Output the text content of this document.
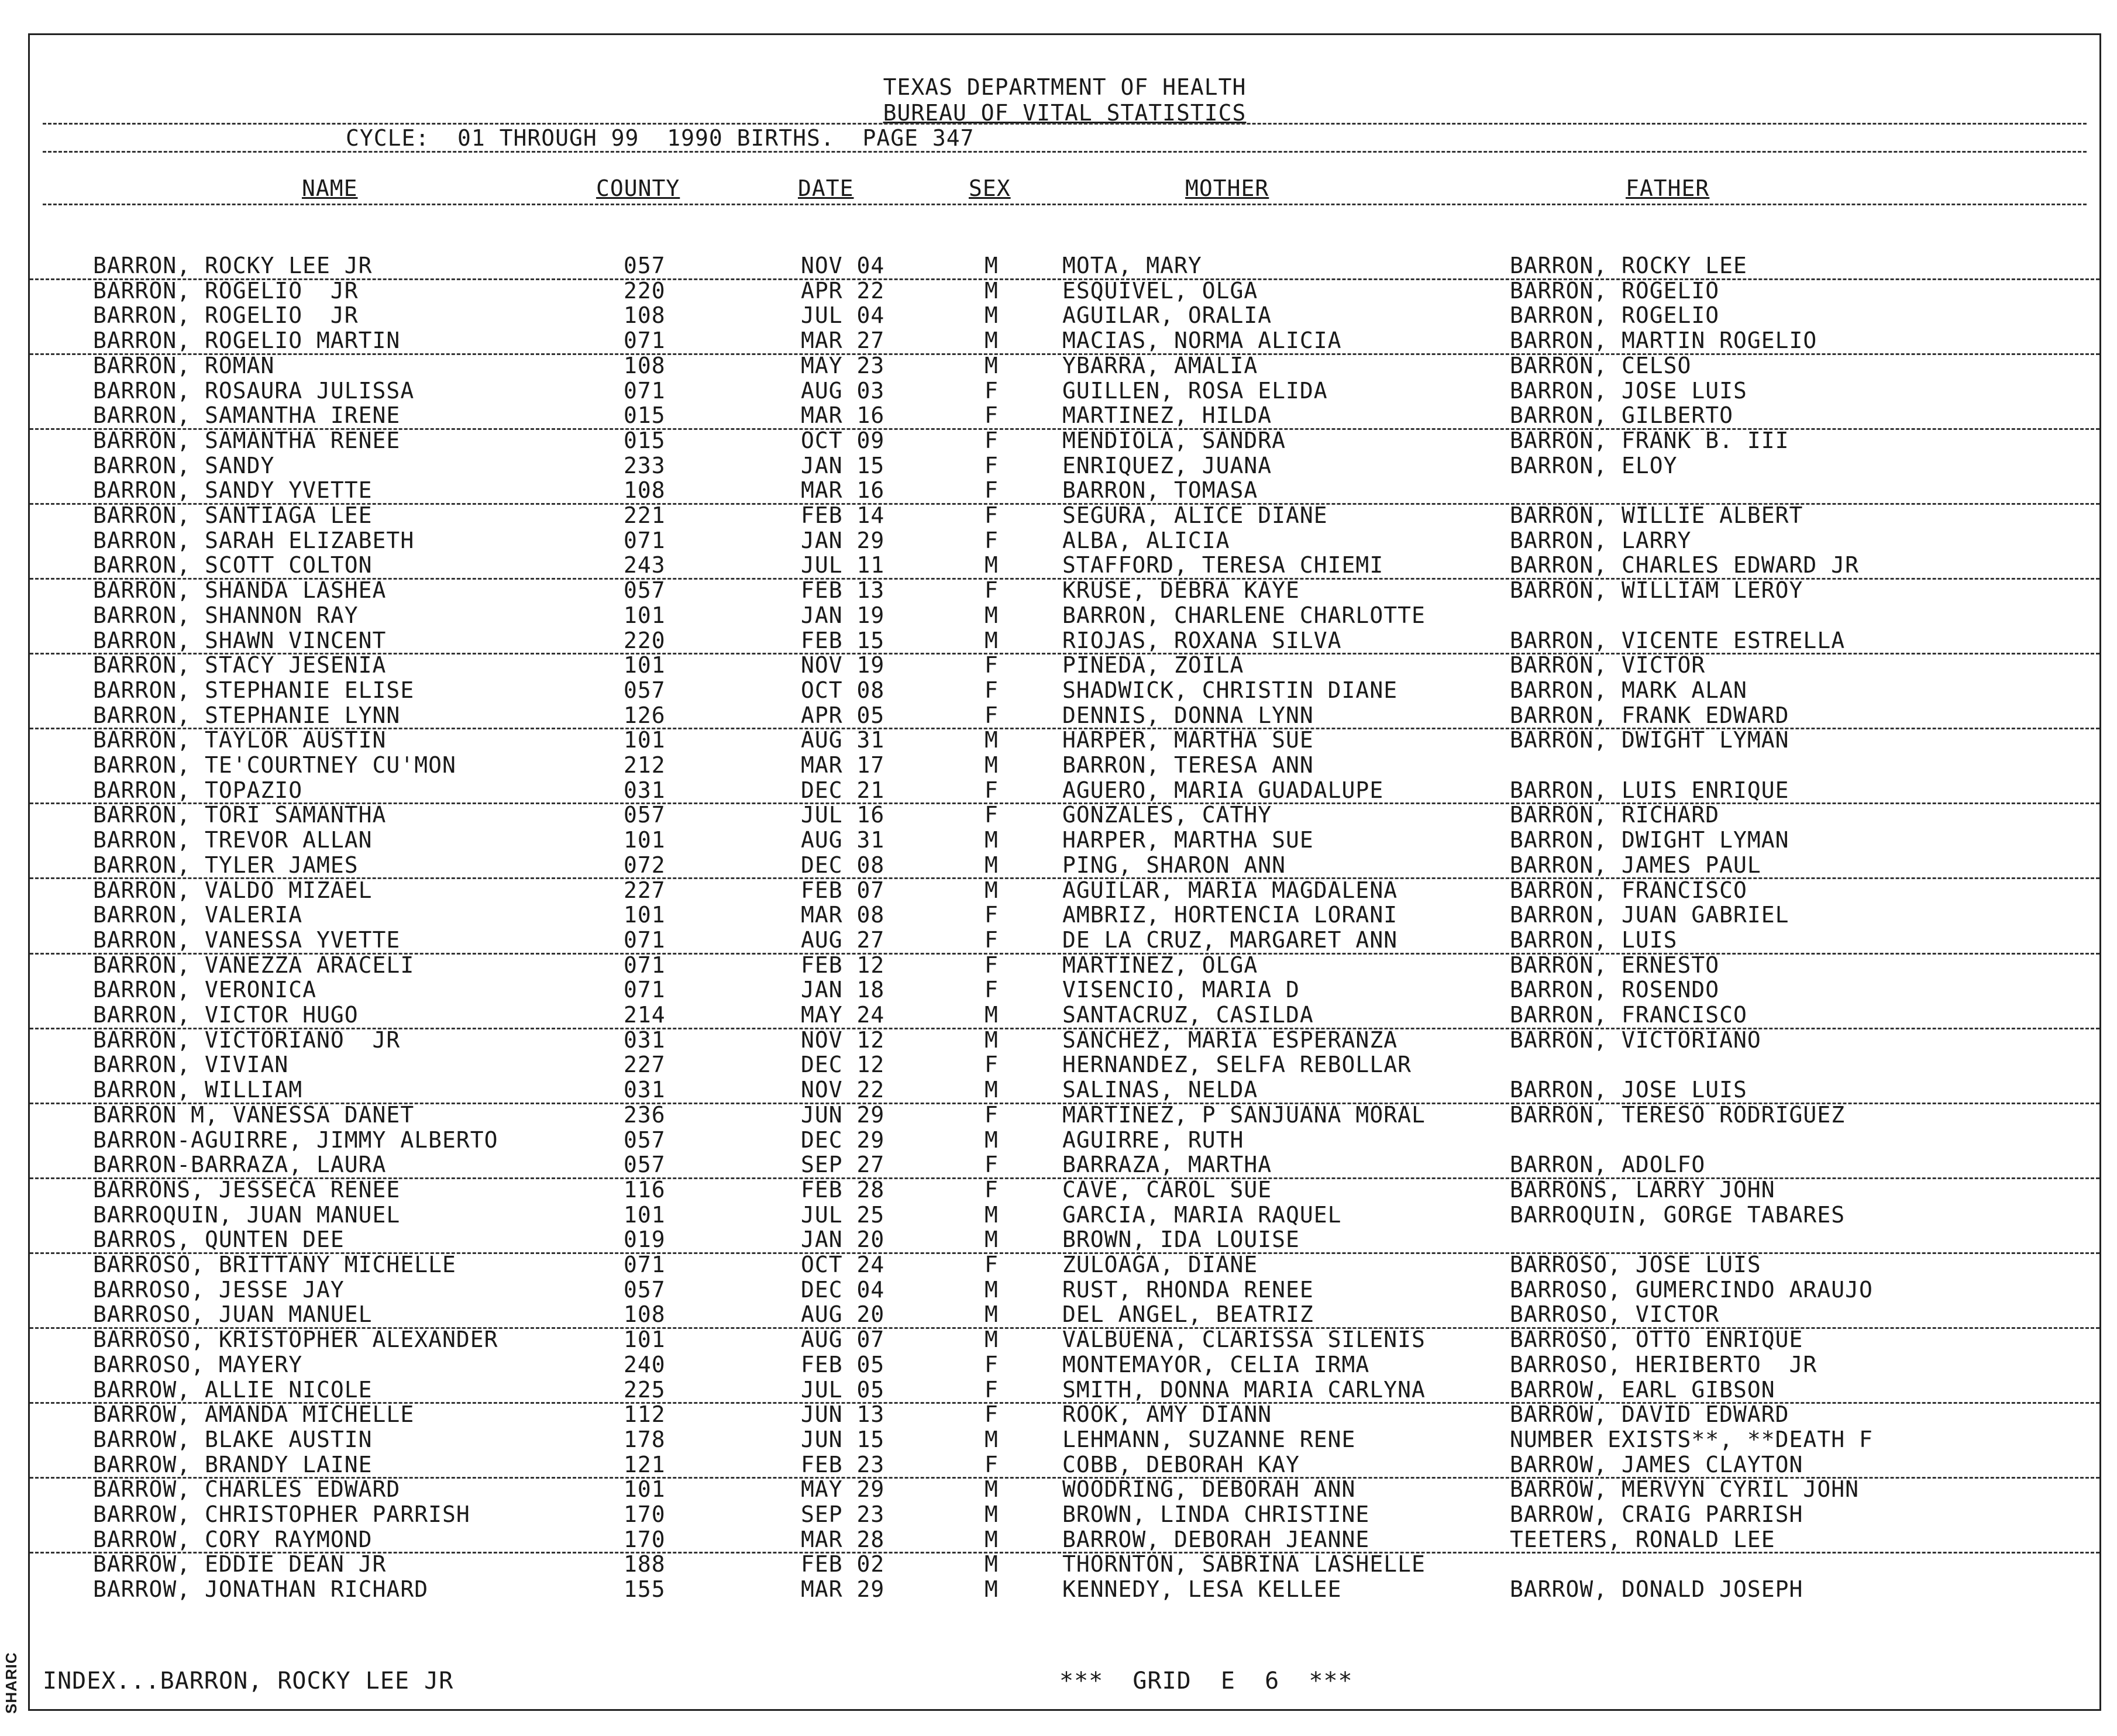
TEXAS DEPARTMENT OF HEALTH
BUREAU OF VITAL STATISTICS
CYCLE:  01 THROUGH 99  1990 BIRTHS.  PAGE 347
NAME	COUNTY	DATE	SEX	MOTHER	FATHER
BARRON, ROCKY LEE JR	057	NOV 04	M	MOTA, MARY	BARRON, ROCKY LEE
BARRON, ROGELIO  JR	220	APR 22	M	ESQUIVEL, OLGA	BARRON, ROGELIO
BARRON, ROGELIO  JR	108	JUL 04	M	AGUILAR, ORALIA	BARRON, ROGELIO
BARRON, ROGELIO MARTIN	071	MAR 27	M	MACIAS, NORMA ALICIA	BARRON, MARTIN ROGELIO
BARRON, ROMAN	108	MAY 23	M	YBARRA, AMALIA	BARRON, CELSO
BARRON, ROSAURA JULISSA	071	AUG 03	F	GUILLEN, ROSA ELIDA	BARRON, JOSE LUIS
BARRON, SAMANTHA IRENE	015	MAR 16	F	MARTINEZ, HILDA	BARRON, GILBERTO
BARRON, SAMANTHA RENEE	015	OCT 09	F	MENDIOLA, SANDRA	BARRON, FRANK B. III
BARRON, SANDY	233	JAN 15	F	ENRIQUEZ, JUANA	BARRON, ELOY
BARRON, SANDY YVETTE	108	MAR 16	F	BARRON, TOMASA
BARRON, SANTIAGA LEE	221	FEB 14	F	SEGURA, ALICE DIANE	BARRON, WILLIE ALBERT
BARRON, SARAH ELIZABETH	071	JAN 29	F	ALBA, ALICIA	BARRON, LARRY
BARRON, SCOTT COLTON	243	JUL 11	M	STAFFORD, TERESA CHIEMI	BARRON, CHARLES EDWARD JR
BARRON, SHANDA LASHEA	057	FEB 13	F	KRUSE, DEBRA KAYE	BARRON, WILLIAM LEROY
BARRON, SHANNON RAY	101	JAN 19	M	BARRON, CHARLENE CHARLOTTE
BARRON, SHAWN VINCENT	220	FEB 15	M	RIOJAS, ROXANA SILVA	BARRON, VICENTE ESTRELLA
BARRON, STACY JESENIA	101	NOV 19	F	PINEDA, ZOILA	BARRON, VICTOR
BARRON, STEPHANIE ELISE	057	OCT 08	F	SHADWICK, CHRISTIN DIANE	BARRON, MARK ALAN
BARRON, STEPHANIE LYNN	126	APR 05	F	DENNIS, DONNA LYNN	BARRON, FRANK EDWARD
BARRON, TAYLOR AUSTIN	101	AUG 31	M	HARPER, MARTHA SUE	BARRON, DWIGHT LYMAN
BARRON, TE'COURTNEY CU'MON	212	MAR 17	M	BARRON, TERESA ANN
BARRON, TOPAZIO	031	DEC 21	F	AGUERO, MARIA GUADALUPE	BARRON, LUIS ENRIQUE
BARRON, TORI SAMANTHA	057	JUL 16	F	GONZALES, CATHY	BARRON, RICHARD
BARRON, TREVOR ALLAN	101	AUG 31	M	HARPER, MARTHA SUE	BARRON, DWIGHT LYMAN
BARRON, TYLER JAMES	072	DEC 08	M	PING, SHARON ANN	BARRON, JAMES PAUL
BARRON, VALDO MIZAEL	227	FEB 07	M	AGUILAR, MARIA MAGDALENA	BARRON, FRANCISCO
BARRON, VALERIA	101	MAR 08	F	AMBRIZ, HORTENCIA LORANI	BARRON, JUAN GABRIEL
BARRON, VANESSA YVETTE	071	AUG 27	F	DE LA CRUZ, MARGARET ANN	BARRON, LUIS
BARRON, VANEZZA ARACELI	071	FEB 12	F	MARTINEZ, OLGA	BARRON, ERNESTO
BARRON, VERONICA	071	JAN 18	F	VISENCIO, MARIA D	BARRON, ROSENDO
BARRON, VICTOR HUGO	214	MAY 24	M	SANTACRUZ, CASILDA	BARRON, FRANCISCO
BARRON, VICTORIANO  JR	031	NOV 12	M	SANCHEZ, MARIA ESPERANZA	BARRON, VICTORIANO
BARRON, VIVIAN	227	DEC 12	F	HERNANDEZ, SELFA REBOLLAR
BARRON, WILLIAM	031	NOV 22	M	SALINAS, NELDA	BARRON, JOSE LUIS
BARRON M, VANESSA DANET	236	JUN 29	F	MARTINEZ, P SANJUANA MORAL	BARRON, TERESO RODRIGUEZ
BARRON-AGUIRRE, JIMMY ALBERTO	057	DEC 29	M	AGUIRRE, RUTH
BARRON-BARRAZA, LAURA	057	SEP 27	F	BARRAZA, MARTHA	BARRON, ADOLFO
BARRONS, JESSECA RENEE	116	FEB 28	F	CAVE, CAROL SUE	BARRONS, LARRY JOHN
BARROQUIN, JUAN MANUEL	101	JUL 25	M	GARCIA, MARIA RAQUEL	BARROQUIN, GORGE TABARES
BARROS, QUNTEN DEE	019	JAN 20	M	BROWN, IDA LOUISE
BARROSO, BRITTANY MICHELLE	071	OCT 24	F	ZULOAGA, DIANE	BARROSO, JOSE LUIS
BARROSO, JESSE JAY	057	DEC 04	M	RUST, RHONDA RENEE	BARROSO, GUMERCINDO ARAUJO
BARROSO, JUAN MANUEL	108	AUG 20	M	DEL ANGEL, BEATRIZ	BARROSO, VICTOR
BARROSO, KRISTOPHER ALEXANDER	101	AUG 07	M	VALBUENA, CLARISSA SILENIS	BARROSO, OTTO ENRIQUE
BARROSO, MAYERY	240	FEB 05	F	MONTEMAYOR, CELIA IRMA	BARROSO, HERIBERTO  JR
BARROW, ALLIE NICOLE	225	JUL 05	F	SMITH, DONNA MARIA CARLYNA	BARROW, EARL GIBSON
BARROW, AMANDA MICHELLE	112	JUN 13	F	ROOK, AMY DIANN	BARROW, DAVID EDWARD
BARROW, BLAKE AUSTIN	178	JUN 15	M	LEHMANN, SUZANNE RENE	NUMBER EXISTS**, **DEATH F
BARROW, BRANDY LAINE	121	FEB 23	F	COBB, DEBORAH KAY	BARROW, JAMES CLAYTON
BARROW, CHARLES EDWARD	101	MAY 29	M	WOODRING, DEBORAH ANN	BARROW, MERVYN CYRIL JOHN
BARROW, CHRISTOPHER PARRISH	170	SEP 23	M	BROWN, LINDA CHRISTINE	BARROW, CRAIG PARRISH
BARROW, CORY RAYMOND	170	MAR 28	M	BARROW, DEBORAH JEANNE	TEETERS, RONALD LEE
BARROW, EDDIE DEAN JR	188	FEB 02	M	THORNTON, SABRINA LASHELLE
BARROW, JONATHAN RICHARD	155	MAR 29	M	KENNEDY, LESA KELLEE	BARROW, DONALD JOSEPH
INDEX...BARRON, ROCKY LEE JR	***  GRID  E  6  ***
SHARIC
